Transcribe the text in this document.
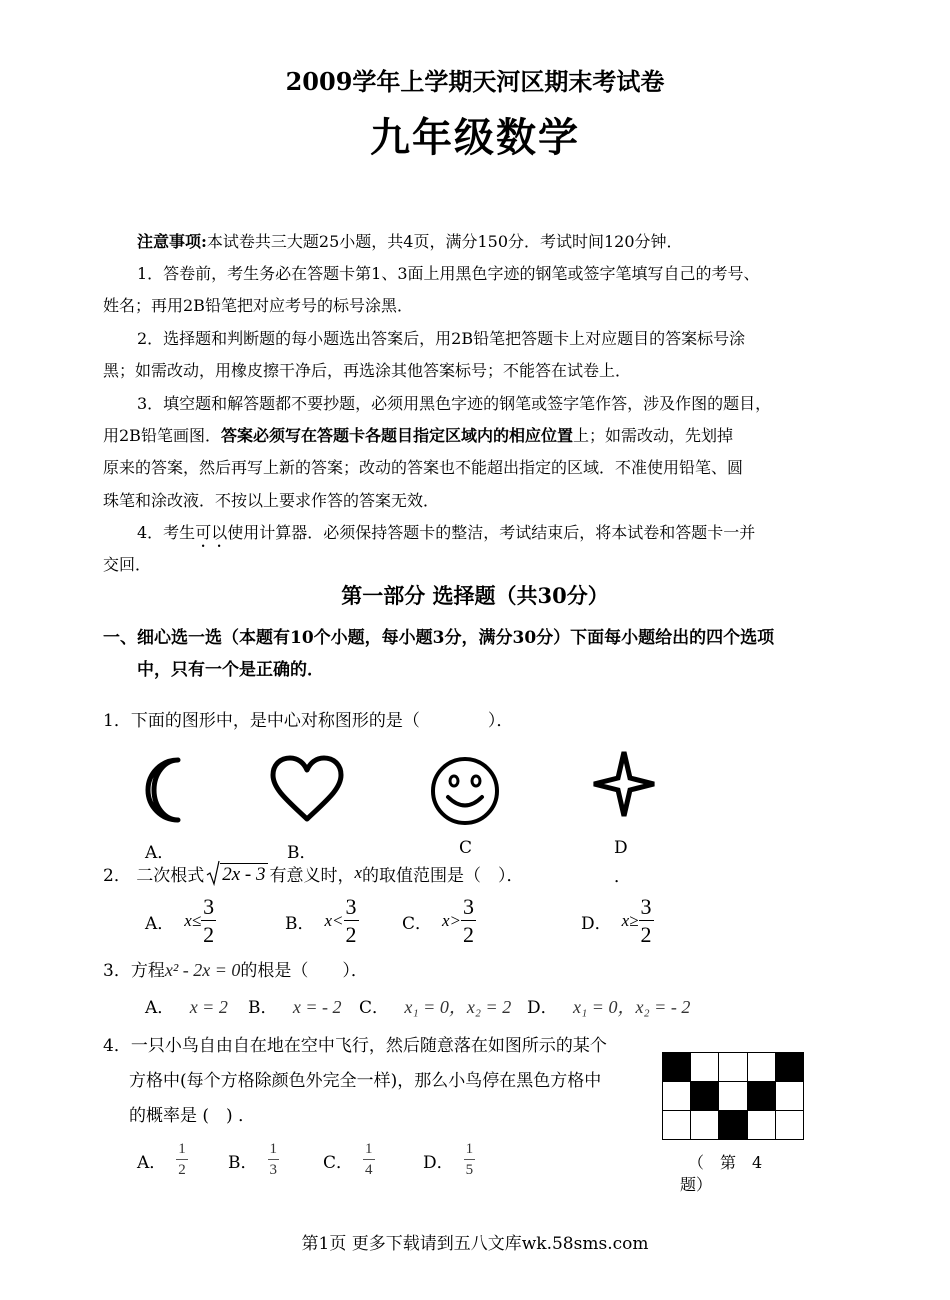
2009学年上学期天河区期末考试卷
九年级数学
注意事项:本试卷共三大题25小题，共4页，满分150分．考试时间120分钟．
1．答卷前，考生务必在答题卡第1、3面上用黑色字迹的钢笔或签字笔填写自己的考号、
姓名；再用2B铅笔把对应考号的标号涂黑．
2．选择题和判断题的每小题选出答案后，用2B铅笔把答题卡上对应题目的答案标号涂
黑；如需改动，用橡皮擦干净后，再选涂其他答案标号；不能答在试卷上．
3．填空题和解答题都不要抄题，必须用黑色字迹的钢笔或签字笔作答，涉及作图的题目，
用2B铅笔画图．答案必须写在答题卡各题目指定区域内的相应位置上；如需改动，先划掉
原来的答案，然后再写上新的答案；改动的答案也不能超出指定的区域．不准使用铅笔、圆
珠笔和涂改液．不按以上要求作答的答案无效．
4．考生可以使用计算器．必须保持答题卡的整洁，考试结束后，将本试卷和答题卡一并
交回．
第一部分 选择题（共30分）
一、细心选一选（本题有10个小题，每小题3分，满分30分）下面每小题给出的四个选项
中，只有一个是正确的．
1．下面的图形中，是中心对称图形的是（　　　　）．
A．	B．	C	D
2． 二次根式 2x - 3 有意义时， x 的取值范围是（　）．	．
A． $x\le \frac{3}{2}$	B． $x< \frac{3}{2}$	C． $x> \frac{3}{2}$	D． $x\ge \frac{3}{2}$
3．方程x² - 2x = 0的根是（　　）．
A． x = 2 B． x = - 2 C． x₁ = 0，x₂ = 2 D． x₁ = 0，x₂ = - 2
4．一只小鸟自由自在地在空中飞行，然后随意落在如图所示的某个
方格中(每个方格除颜色外完全一样)，那么小鸟停在黑色方格中
的概率是 (　) ．

（　第　4
题）
A． $\frac{1}{2}$ B． $\frac{1}{3}$	C． $\frac{1}{4}$	D． $\frac{1}{5}$
第1页 更多下载请到五八文库wk.58sms.com
